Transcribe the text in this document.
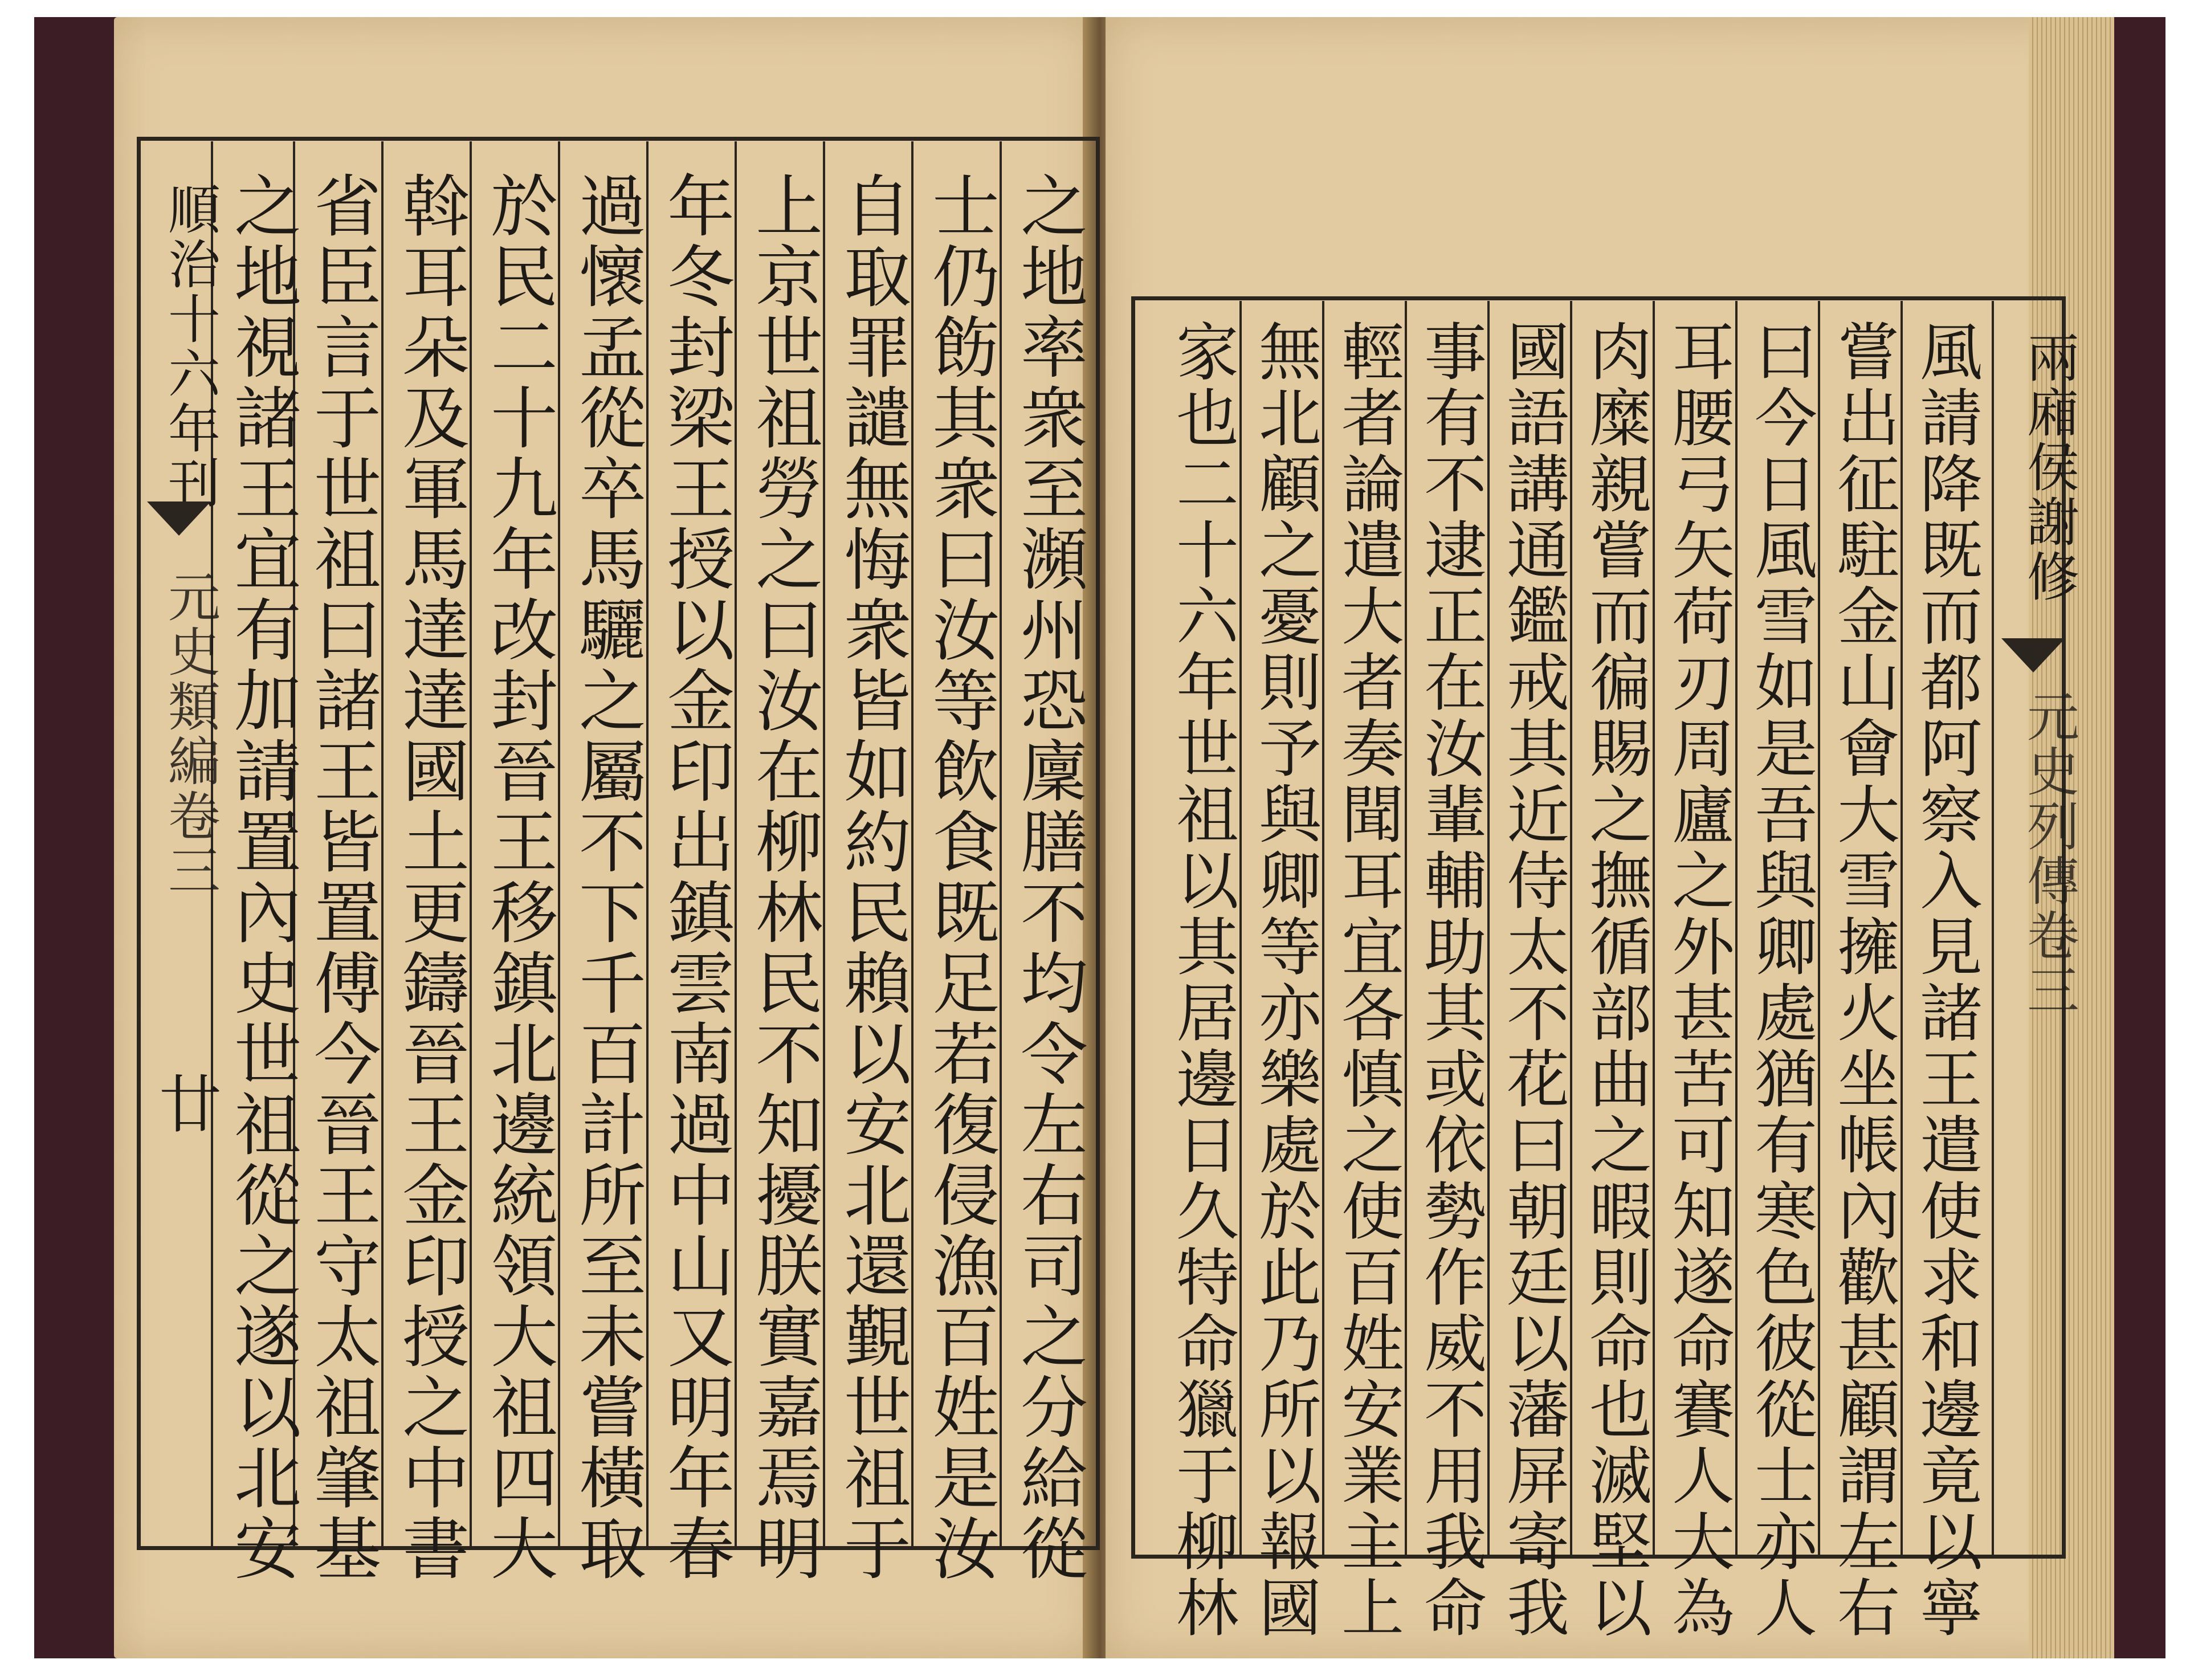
順治十六年刊
元史類編卷三
廿	之地率衆至瀕州恐廩膳不均令左右司之分給從
士仍飭其衆曰汝等飲食既足若復侵漁百姓是汝
自取罪譴無悔衆皆如約民賴以安北還覲世祖于
上京世祖勞之曰汝在柳林民不知擾朕實嘉焉明
年冬封梁王授以金印出鎮雲南過中山又明年春
過懷孟從卒馬驪之屬不下千百計所至未嘗橫取
於民二十九年改封晉王移鎮北邊統領大祖四大
斡耳朵及軍馬達達國土更鑄晉王金印授之中書
省臣言于世祖曰諸王皆置傅今晉王守太祖肇基
之地視諸王宜有加請置內史世祖從之遂以北安	兩廂侯謝修
元史列傳卷三
風請降既而都阿察入見諸王遣使求和邊竟以寧
嘗出征駐金山會大雪擁火坐帳內歡甚顧謂左右
曰今日風雪如是吾與卿處猶有寒色彼從士亦人
耳腰弓矢荷刃周廬之外甚苦可知遂命賽人大為
肉糜親嘗而徧賜之撫循部曲之暇則命也滅堅以
國語講通鑑戒其近侍太不花曰朝廷以藩屏寄我
事有不逮正在汝輩輔助其或依勢作威不用我命
輕者論遣大者奏聞耳宜各慎之使百姓安業主上
無北顧之憂則予與卿等亦樂處於此乃所以報國
家也二十六年世祖以其居邊日久特命獵于柳林
